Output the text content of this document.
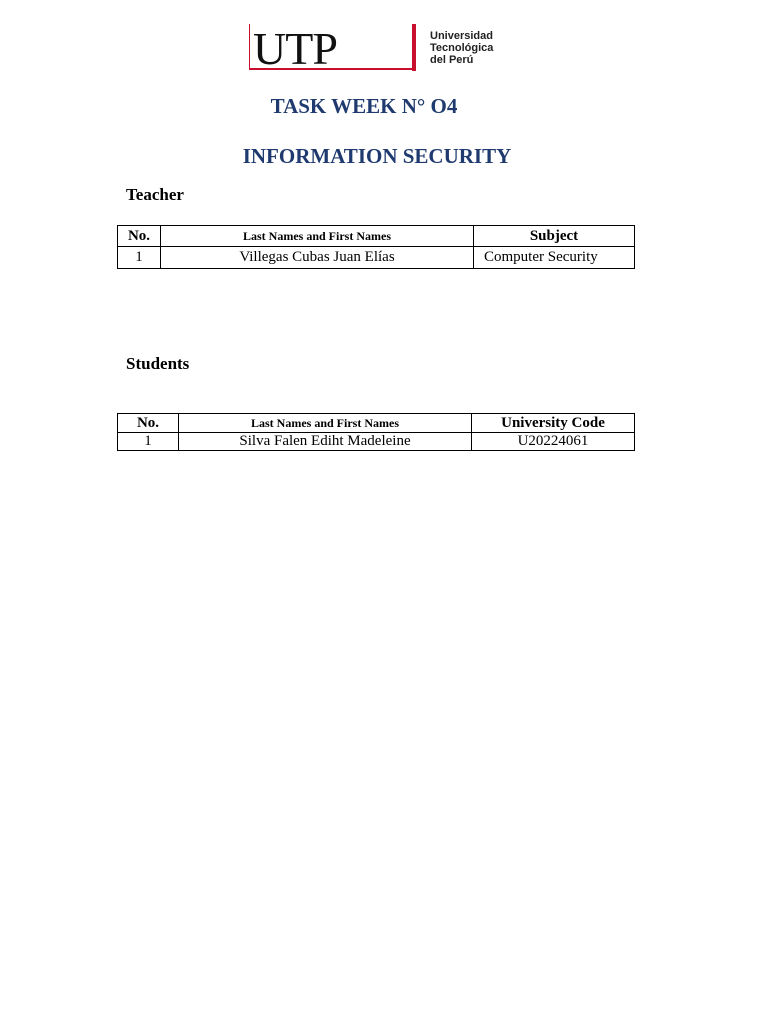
UTP	Universidad
Tecnológica
del Perú
TASK WEEK N° O4
INFORMATION SECURITY
Teacher
No.	Last Names and First Names	Subject
1	Villegas Cubas Juan Elías	Computer Security
Students
No.	Last Names and First Names	University Code
1	Silva Falen Ediht Madeleine	U20224061
